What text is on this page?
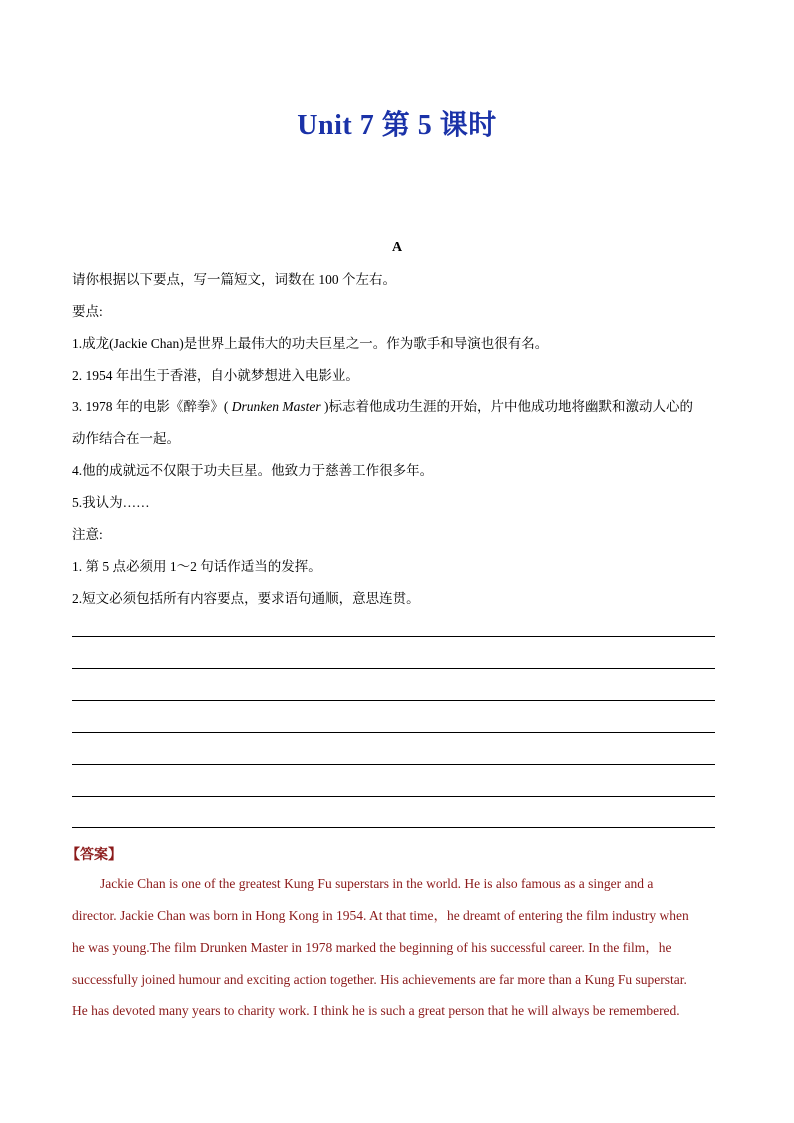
Unit 7 第 5 课时
A
请你根据以下要点，写一篇短文，词数在 100 个左右。
要点:
1.成龙(Jackie Chan)是世界上最伟大的功夫巨星之一。作为歌手和导演也很有名。
2. 1954 年出生于香港，自小就梦想进入电影业。
3. 1978 年的电影《醉拳》( Drunken Master )标志着他成功生涯的开始，片中他成功地将幽默和激动人心的
动作结合在一起。
4.他的成就远不仅限于功夫巨星。他致力于慈善工作很多年。
5.我认为……
注意:
1. 第 5 点必须用 1～2 句话作适当的发挥。
2.短文必须包括所有内容要点，要求语句通顺，意思连贯。
【答案】
Jackie Chan is one of the greatest Kung Fu superstars in the world. He is also famous as a singer and a
director. Jackie Chan was born in Hong Kong in 1954. At that time，he dreamt of entering the film industry when
he was young.The film Drunken Master in 1978 marked the beginning of his successful career. In the film，he
successfully joined humour and exciting action together. His achievements are far more than a Kung Fu superstar.
He has devoted many years to charity work. I think he is such a great person that he will always be remembered.
